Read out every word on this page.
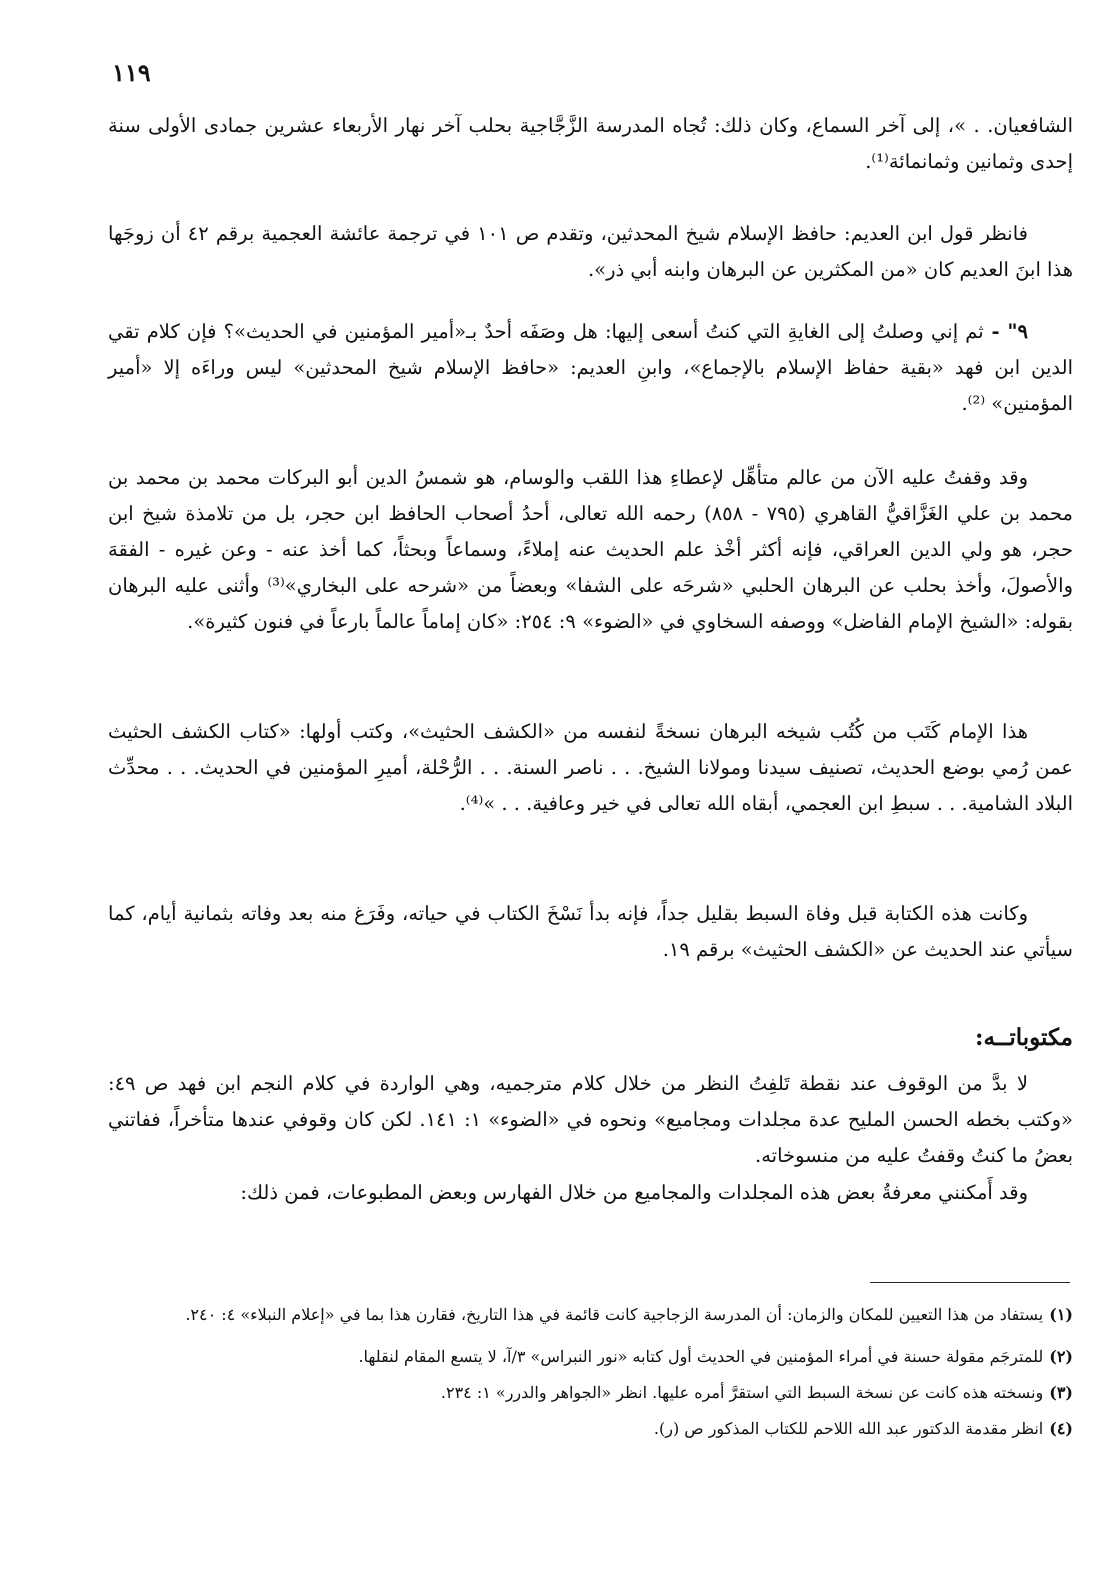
١١٩

الشافعيان. . »، إلى آخر السماع، وكان ذلك: تُجاه المدرسة الزَّجَّاجية بحلب آخر نهار الأربعاء عشرين جمادى الأولى سنة إحدى وثمانين وثمانمائة⁽¹⁾.

فانظر قول ابن العديم: حافظ الإسلام شيخ المحدثين، وتقدم ص ١٠١ في ترجمة عائشة العجمية برقم ٤٢ أن زوجَها هذا ابنَ العديم كان «من المكثرين عن البرهان وابنه أبي ذر».

٩" - ثم إني وصلتُ إلى الغايةِ التي كنتُ أسعى إليها: هل وصَفَه أحدٌ بـ«أمير المؤمنين في الحديث»؟ فإن كلام تقي الدين ابن فهد «بقية حفاظ الإسلام بالإجماع»، وابنِ العديم: «حافظ الإسلام شيخ المحدثين» ليس وراءَه إلا «أمير المؤمنين» ⁽²⁾.

وقد وقفتُ عليه الآن من عالم متأهِّل لإعطاءِ هذا اللقب والوسام، هو شمسُ الدين أبو البركات محمد بن محمد بن محمد بن علي الغَزَّاقيُّ القاهري (٧٩٥ - ٨٥٨) رحمه الله تعالى، أحدُ أصحاب الحافظ ابن حجر، بل من تلامذة شيخ ابن حجر، هو ولي الدين العراقي، فإنه أكثر أخْذ علم الحديث عنه إملاءً، وسماعاً وبحثاً، كما أخذ عنه - وعن غيره - الفقهَ والأصولَ، وأخذ بحلب عن البرهان الحلبي «شرحَه على الشفا» وبعضاً من «شرحه على البخاري»⁽³⁾ وأثنى عليه البرهان بقوله: «الشيخ الإمام الفاضل» ووصفه السخاوي في «الضوء» ٩: ٢٥٤: «كان إماماً عالماً بارعاً في فنون كثيرة».

هذا الإمام كَتَب من كُتُب شيخه البرهان نسخةً لنفسه من «الكشف الحثيث»، وكتب أولها: «كتاب الكشف الحثيث عمن رُمي بوضع الحديث، تصنيف سيدنا ومولانا الشيخ. . . ناصر السنة. . . الرُّحْلة، أميرِ المؤمنين في الحديث. . . محدِّث البلاد الشامية. . . سبطِ ابن العجمي، أبقاه الله تعالى في خير وعافية. . . »⁽⁴⁾.

وكانت هذه الكتابة قبل وفاة السبط بقليل جداً، فإنه بدأ نَسْخَ الكتاب في حياته، وفَرَغ منه بعد وفاته بثمانية أيام، كما سيأتي عند الحديث عن «الكشف الحثيث» برقم ١٩.

مكتوباتــه:

لا بدَّ من الوقوف عند نقطة تَلفِتُ النظر من خلال كلام مترجميه، وهي الواردة في كلام النجم ابن فهد ص ٤٩: «وكتب بخطه الحسن المليح عدة مجلدات ومجاميع» ونحوه في «الضوء» ١: ١٤١. لكن كان وقوفي عندها متأخراً، ففاتني بعضُ ما كنتُ وقفتُ عليه من منسوخاته.

وقد أَمكنني معرفةُ بعض هذه المجلدات والمجاميع من خلال الفهارس وبعض المطبوعات، فمن ذلك:

(١)يستفاد من هذا التعيين للمكان والزمان: أن المدرسة الزجاجية كانت قائمة في هذا التاريخ، فقارن هذا بما في «إعلام النبلاء» ٤: ٢٤٠.

(٢)للمترجَم مقولة حسنة في أمراء المؤمنين في الحديث أول كتابه «نور النبراس» ٣/آ، لا يتسع المقام لنقلها.

(٣)ونسخته هذه كانت عن نسخة السبط التي استقرَّ أمره عليها. انظر «الجواهر والدرر» ١: ٢٣٤.

(٤)انظر مقدمة الدكتور عبد الله اللاحم للكتاب المذكور ص (ر).
